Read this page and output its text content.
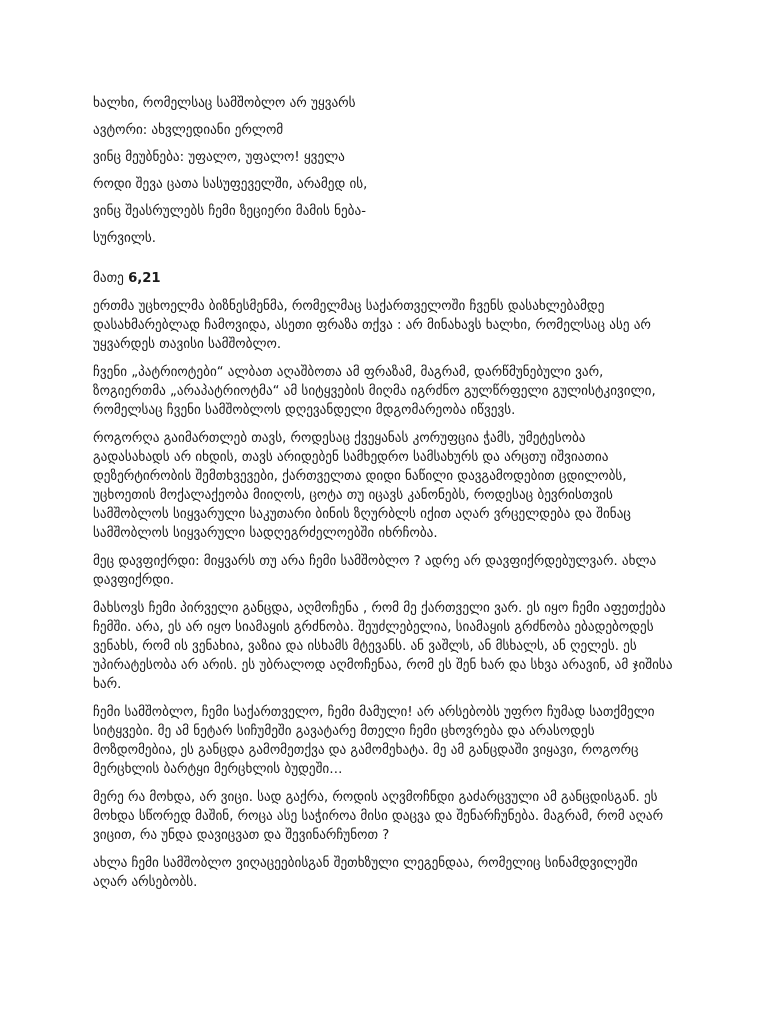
ხალხი, რომელსაც სამშობლო არ უყვარს

ავტორი: ახვლედიანი ერლომ

ვინც მეუბნება: უფალო, უფალო! ყველა

როდი შევა ცათა სასუფეველში, არამედ ის,

ვინც შეასრულებს ჩემი ზეციერი მამის ნება-

სურვილს.

მათე 6,21

ერთმა უცხოელმა ბიზნესმენმა, რომელმაც საქართველოში ჩვენს დასახლებამდე

დასახმარებლად ჩამოვიდა, ასეთი ფრაზა თქვა : არ მინახავს ხალხი, რომელსაც ასე არ

უყვარდეს თავისი სამშობლო.

ჩვენი „პატრიოტები“ ალბათ აღაშბოთა ამ ფრაზამ, მაგრამ, დარწმუნებული ვარ,

ზოგიერთმა „არაპატრიოტმა“ ამ სიტყვების მიღმა იგრძნო გულწრფელი გულისტკივილი,

რომელსაც ჩვენი სამშობლოს დღევანდელი მდგომარეობა იწვევს.

როგორღა გაიმართლებ თავს, როდესაც ქვეყანას კორუფცია ჭამს, უმეტესობა

გადასახადს არ იხდის, თავს არიდებენ სამხედრო სამსახურს და არცთუ იშვიათია

დეზერტირობის შემთხვევები, ქართველთა დიდი ნაწილი დავგამოდებით ცდილობს,

უცხოეთის მოქალაქეობა მიიღოს, ცოტა თუ იცავს კანონებს, როდესაც ბევრისთვის

სამშობლოს სიყვარული საკუთარი ბინის ზღურბლს იქით აღარ ვრცელდება და შინაც

სამშობლოს სიყვარული სადღეგრძელოებში იხრჩობა.

მეც დავფიქრდი: მიყვარს თუ არა ჩემი სამშობლო ? ადრე არ დავფიქრდებულვარ. ახლა

დავფიქრდი.

მახსოვს ჩემი პირველი განცდა, აღმოჩენა , რომ მე ქართველი ვარ. ეს იყო ჩემი აფეთქება

ჩემში. არა, ეს არ იყო სიამაყის გრძნობა. შეუძლებელია, სიამაყის გრძნობა ებადებოდეს

ვენახს, რომ ის ვენახია, ვაზია და ისხამს მტევანს. ან ვაშლს, ან მსხალს, ან ღელეს. ეს

უპირატესობა არ არის. ეს უბრალოდ აღმოჩენაა, რომ ეს შენ ხარ და სხვა არავინ, ამ ჯიშისა

ხარ.

ჩემი სამშობლო, ჩემი საქართველო, ჩემი მამული! არ არსებობს უფრო ჩუმად სათქმელი

სიტყვები. მე ამ ნეტარ სიჩუმეში გავატარე მთელი ჩემი ცხოვრება და არასოდეს

მოზდომებია, ეს განცდა გამომეთქვა და გამომეხატა. მე ამ განცდაში ვიყავი, როგორც

მერცხლის ბარტყი მერცხლის ბუდეში…

მერე რა მოხდა, არ ვიცი. სად გაქრა, როდის აღვმოჩნდი გაძარცვული ამ განცდისგან. ეს

მოხდა სწორედ მაშინ, როცა ასე საჭიროა მისი დაცვა და შენარჩუნება. მაგრამ, რომ აღარ

ვიცით, რა უნდა დავიცვათ და შევინარჩუნოთ ?

ახლა ჩემი სამშობლო ვიღაცეებისგან შეთხზული ლეგენდაა, რომელიც სინამდვილეში

აღარ არსებობს.
